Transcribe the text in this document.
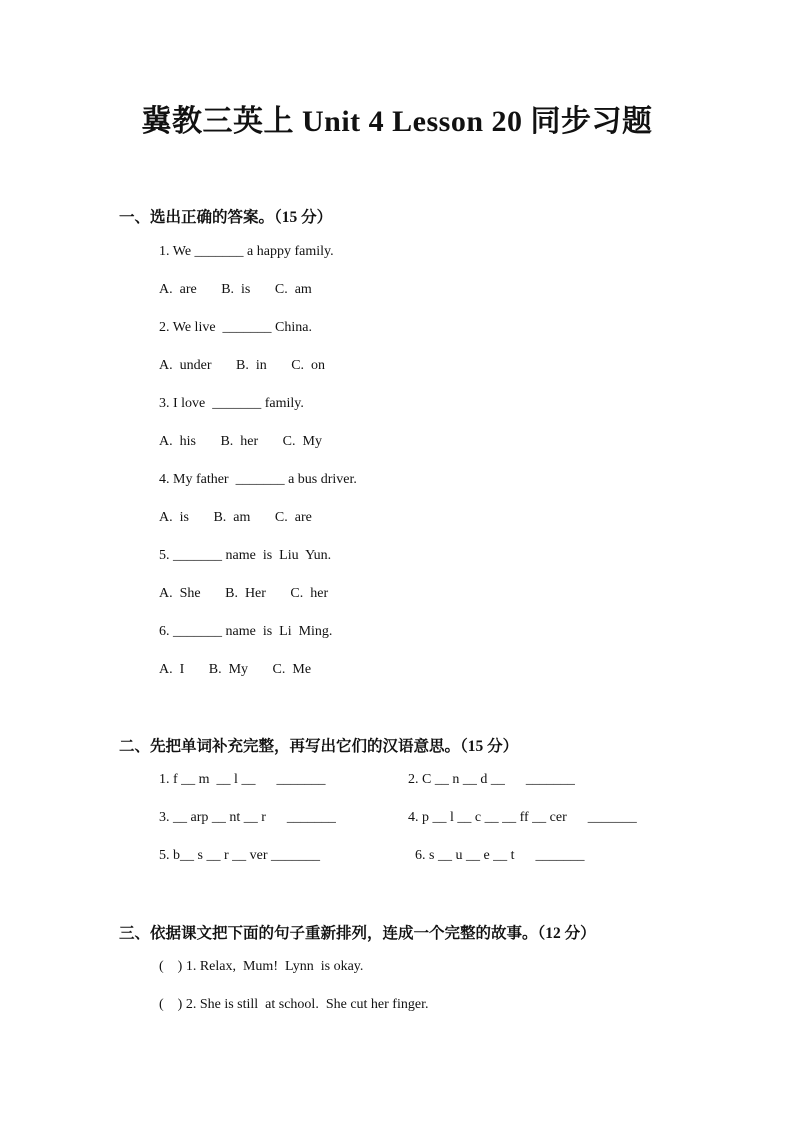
冀教三英上 Unit 4 Lesson 20 同步习题
一、选出正确的答案。（15 分）
1. We _______ a happy family.
A.  are       B.  is       C.  am
2. We live  _______ China.
A.  under       B.  in       C.  on
3. I love  _______ family.
A.  his       B.  her       C.  My
4. My father  _______ a bus driver.
A.  is       B.  am       C.  are
5. _______ name  is  Liu  Yun.
A.  She       B.  Her       C.  her
6. _______ name  is  Li  Ming.
A.  I       B.  My       C.  Me
二、先把单词补充完整，再写出它们的汉语意思。（15 分）
1. f __ m  __ l __      _______	2. C __ n __ d __      _______
3. __ arp __ nt __ r      _______	4. p __ l __ c __ __ ff __ cer      _______
5. b__ s __ r __ ver _______	6. s __ u __ e __ t      _______
三、依据课文把下面的句子重新排列，连成一个完整的故事。（12 分）
(    ) 1. Relax,  Mum!  Lynn  is okay.
(    ) 2. She is still  at school.  She cut her finger.
